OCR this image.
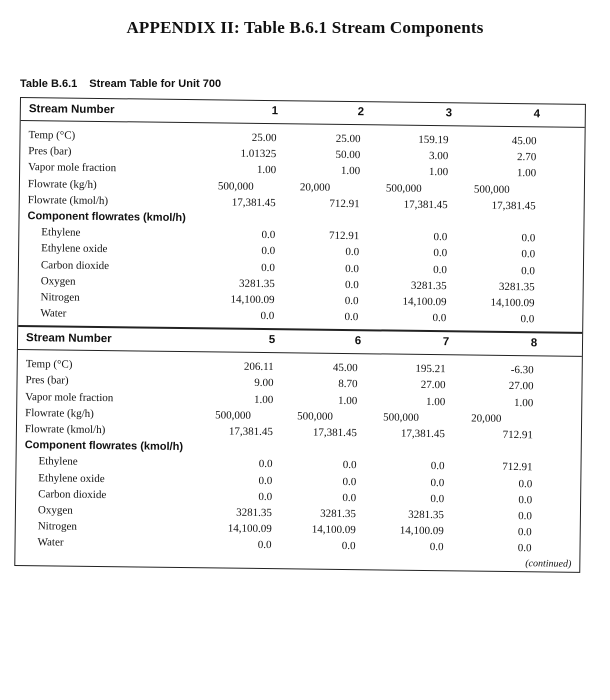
APPENDIX II: Table B.6.1 Stream Components
Table B.6.1 Stream Table for Unit 700
Stream Number	1	2	3	4
Temp (°C)	25.00	25.00	159.19	45.00
Pres (bar)	1.01325	50.00	3.00	2.70
Vapor mole fraction	1.00	1.00	1.00	1.00
Flowrate (kg/h)	500,000	20,000	500,000	500,000
Flowrate (kmol/h)	17,381.45	712.91	17,381.45	17,381.45
Component flowrates (kmol/h)
Ethylene	0.0	712.91	0.0	0.0
Ethylene oxide	0.0	0.0	0.0	0.0
Carbon dioxide	0.0	0.0	0.0	0.0
Oxygen	3281.35	0.0	3281.35	3281.35
Nitrogen	14,100.09	0.0	14,100.09	14,100.09
Water	0.0	0.0	0.0	0.0
Stream Number	5	6	7	8
Temp (°C)	206.11	45.00	195.21	-6.30
Pres (bar)	9.00	8.70	27.00	27.00
Vapor mole fraction	1.00	1.00	1.00	1.00
Flowrate (kg/h)	500,000	500,000	500,000	20,000
Flowrate (kmol/h)	17,381.45	17,381.45	17,381.45	712.91
Component flowrates (kmol/h)
Ethylene	0.0	0.0	0.0	712.91
Ethylene oxide	0.0	0.0	0.0	0.0
Carbon dioxide	0.0	0.0	0.0	0.0
Oxygen	3281.35	3281.35	3281.35	0.0
Nitrogen	14,100.09	14,100.09	14,100.09	0.0
Water	0.0	0.0	0.0	0.0
(continued)
